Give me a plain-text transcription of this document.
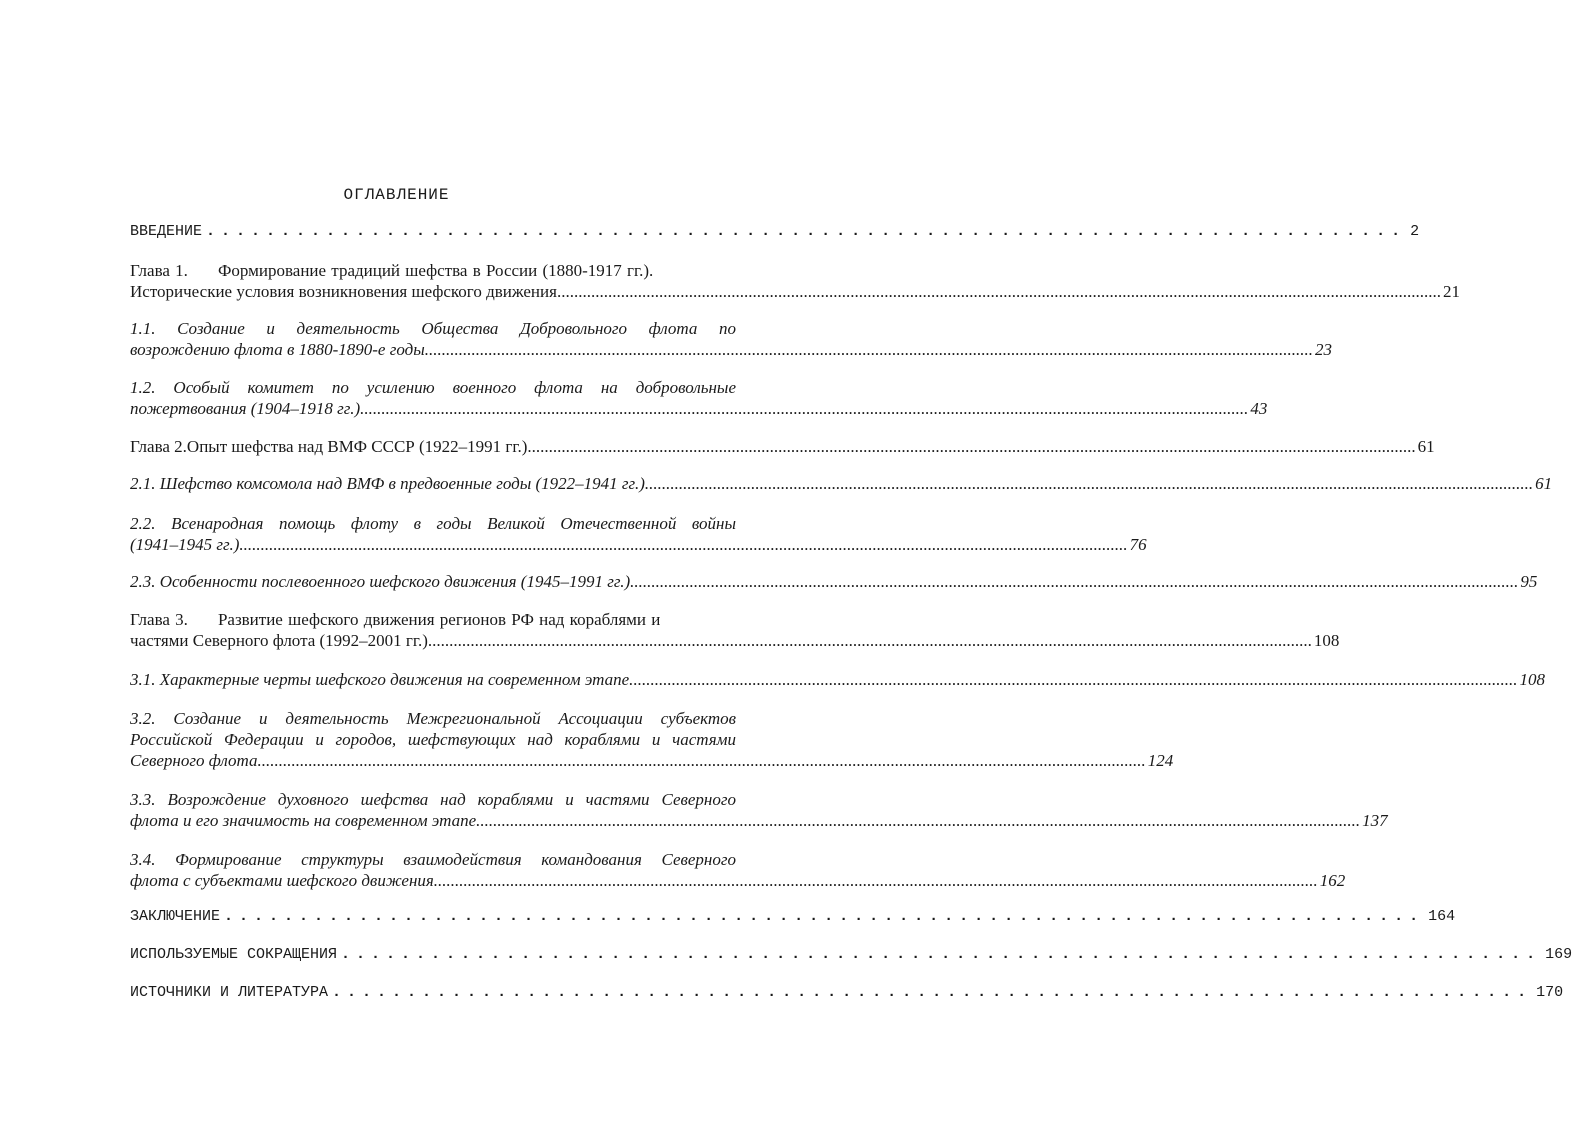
ОГЛАВЛЕНИЕ
ВВЕДЕНИЕ ................................................................................ 2
Глава 1. Формирование традиций шефства в России (1880-1917 гг.).
Исторические условия возникновения шефского движения .....	21
1.1. Создание и деятельность Общества Добровольного флота по
возрождению флота в 1880-1890-е годы. .....	23
1.2. Особый комитет по усилению военного флота на добровольные
пожертвования (1904–1918 гг.). .....	43
Глава 2.Опыт шефства над ВМФ СССР (1922–1991 гг.). .....	61
2.1. Шефство комсомола над ВМФ в предвоенные годы (1922–1941 гг.). .....	61
2.2. Всенародная помощь флоту в годы Великой Отечественной войны
(1941–1945 гг.). .....	76
2.3. Особенности послевоенного шефского движения (1945–1991 гг.). .....	95
Глава 3. Развитие шефского движения регионов РФ над кораблями и
частями Северного флота (1992–2001 гг.) .....	108
3.1. Характерные черты шефского движения на современном этапе. .....	108
3.2. Создание и деятельность Межрегиональной Ассоциации субъектов
Российской Федерации и городов, шефствующих над кораблями и частями
Северного флота. .....	124
3.3. Возрождение духовного шефства над кораблями и частями Северного
флота и его значимость на современном этапе .....	137
3.4. Формирование структуры взаимодействия командования Северного
флота с субъектами шефского движения .....	162
ЗАКЛЮЧЕНИЕ ................................................................................ 164
ИСПОЛЬЗУЕМЫЕ СОКРАЩЕНИЯ ................................................................................ 169
ИСТОЧНИКИ И ЛИТЕРАТУРА ................................................................................ 170
